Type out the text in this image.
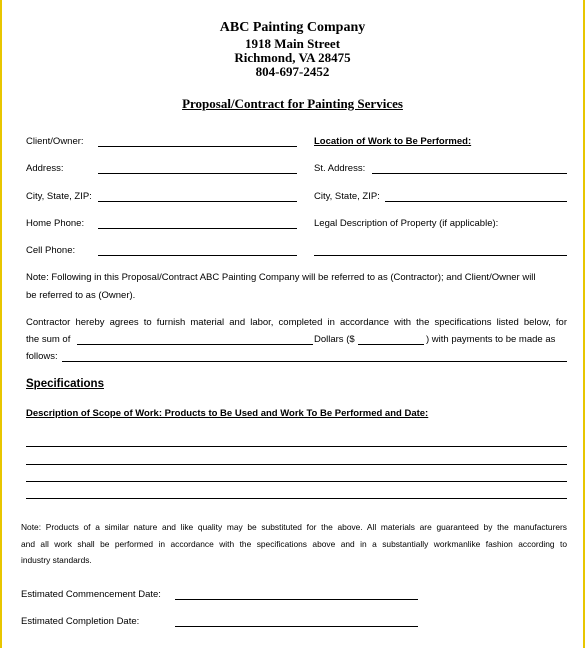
ABC Painting Company
1918 Main Street
Richmond, VA 28475
804-697-2452
Proposal/Contract for Painting Services
Client/Owner:
Address:
City, State, ZIP:
Home Phone:
Cell Phone:
Location of Work to Be Performed:
St. Address:
City, State, ZIP:
Legal Description of Property (if applicable):
Note: Following in this Proposal/Contract ABC Painting Company will be referred to as (Contractor); and Client/Owner will
be referred to as (Owner).
Contractor hereby agrees to furnish material and labor, completed in accordance with the specifications listed below, for
the sum of	Dollars ($	) with payments to be made as
follows:
Specifications
Description of Scope of Work: Products to Be Used and Work To Be Performed and Date:
Note: Products of a similar nature and like quality may be substituted for the above. All materials are guaranteed by the manufacturers
and all work shall be performed in accordance with the specifications above and in a substantially workmanlike fashion according to
industry standards.
Estimated Commencement Date:
Estimated Completion Date:
